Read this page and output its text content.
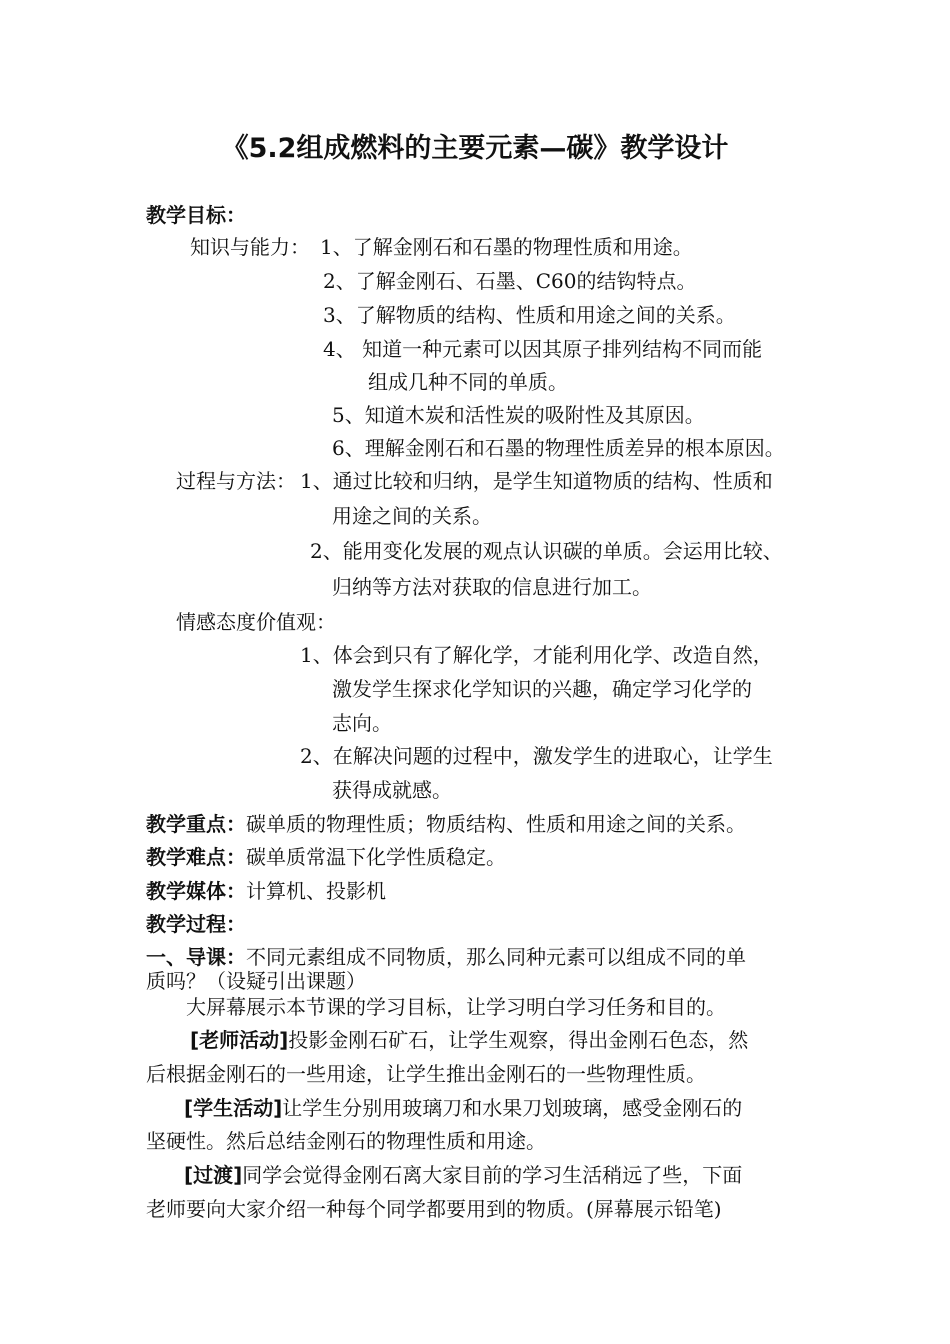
《5.2组成燃料的主要元素—碳》教学设计
教学目标：
知识与能力： 1、了解金刚石和石墨的物理性质和用途。
2、了解金刚石、石墨、C60的结钩特点。
3、了解物质的结构、性质和用途之间的关系。
4、 知道一种元素可以因其原子排列结构不同而能
组成几种不同的单质。
5、知道木炭和活性炭的吸附性及其原因。
6、理解金刚石和石墨的物理性质差异的根本原因。
过程与方法： 1、通过比较和归纳，是学生知道物质的结构、性质和
用途之间的关系。
2、能用变化发展的观点认识碳的单质。会运用比较、
归纳等方法对获取的信息进行加工。
情感态度价值观：
1、体会到只有了解化学，才能利用化学、改造自然，
激发学生探求化学知识的兴趣，确定学习化学的
志向。
2、在解决问题的过程中，激发学生的进取心，让学生
获得成就感。
教学重点：碳单质的物理性质；物质结构、性质和用途之间的关系。
教学难点：碳单质常温下化学性质稳定。
教学媒体：计算机、投影机
教学过程：
一、导课：不同元素组成不同物质，那么同种元素可以组成不同的单
质吗？（设疑引出课题）
大屏幕展示本节课的学习目标，让学习明白学习任务和目的。
[老师活动]投影金刚石矿石，让学生观察，得出金刚石色态，然
后根据金刚石的一些用途，让学生推出金刚石的一些物理性质。
[学生活动]让学生分别用玻璃刀和水果刀划玻璃，感受金刚石的
坚硬性。然后总结金刚石的物理性质和用途。
[过渡]同学会觉得金刚石离大家目前的学习生活稍远了些，下面
老师要向大家介绍一种每个同学都要用到的物质。(屏幕展示铅笔)
